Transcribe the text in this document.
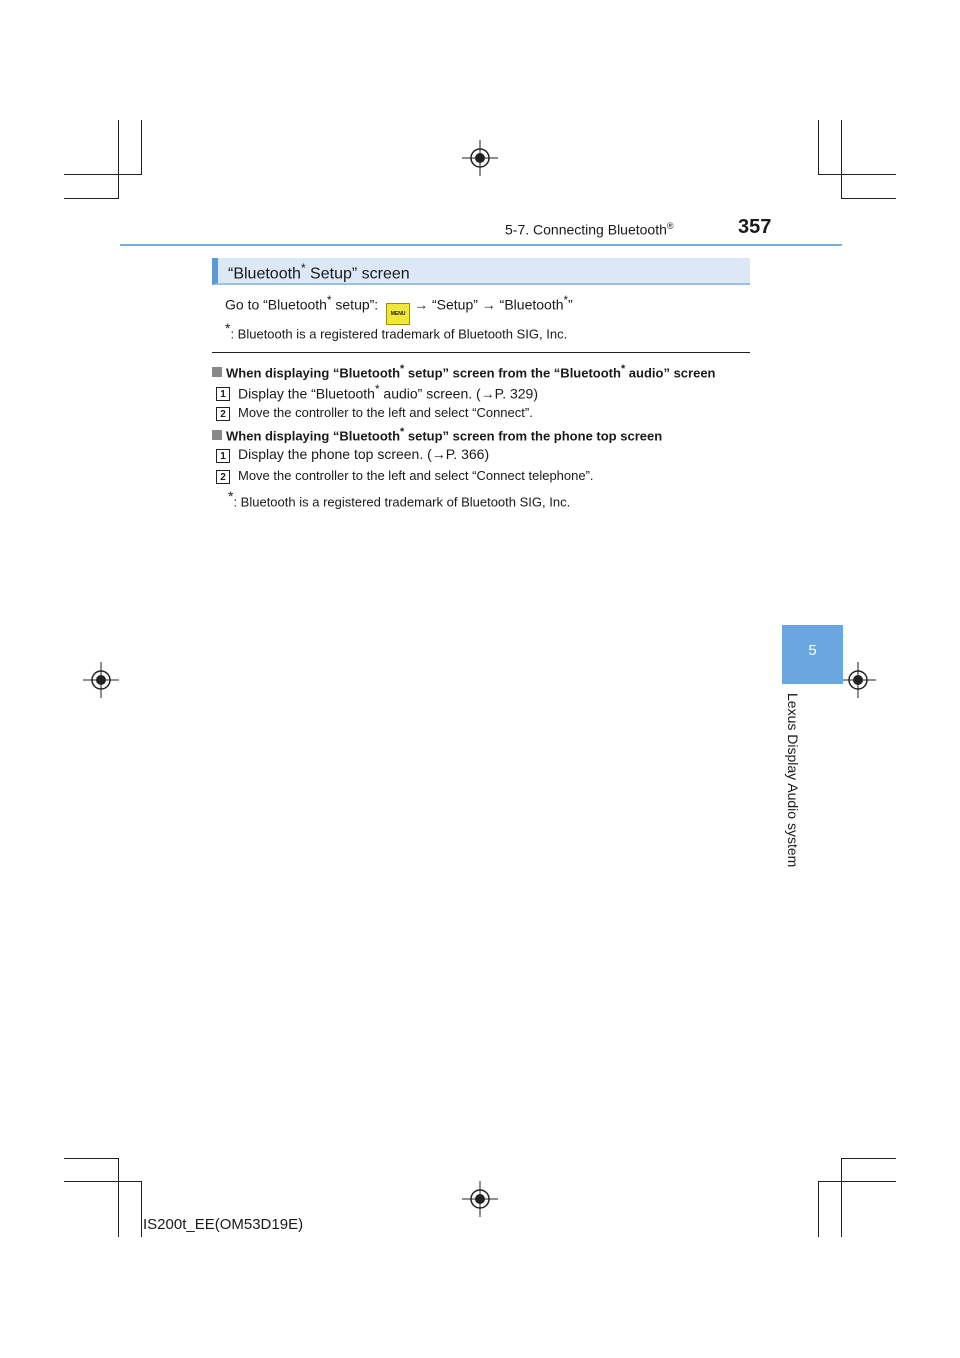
5-7. Connecting Bluetooth®	357
“Bluetooth* Setup” screen
Go to “Bluetooth* setup”: MENU→ “Setup” → “Bluetooth*”
*: Bluetooth is a registered trademark of Bluetooth SIG, Inc.
When displaying “Bluetooth* setup” screen from the “Bluetooth* audio” screen
1 Display the “Bluetooth* audio” screen. (→P. 329)
2 Move the controller to the left and select “Connect”.
When displaying “Bluetooth* setup” screen from the phone top screen
1 Display the phone top screen. (→P. 366)
2 Move the controller to the left and select “Connect telephone”.
*: Bluetooth is a registered trademark of Bluetooth SIG, Inc.
5
Lexus Display Audio system
IS200t_EE(OM53D19E)
